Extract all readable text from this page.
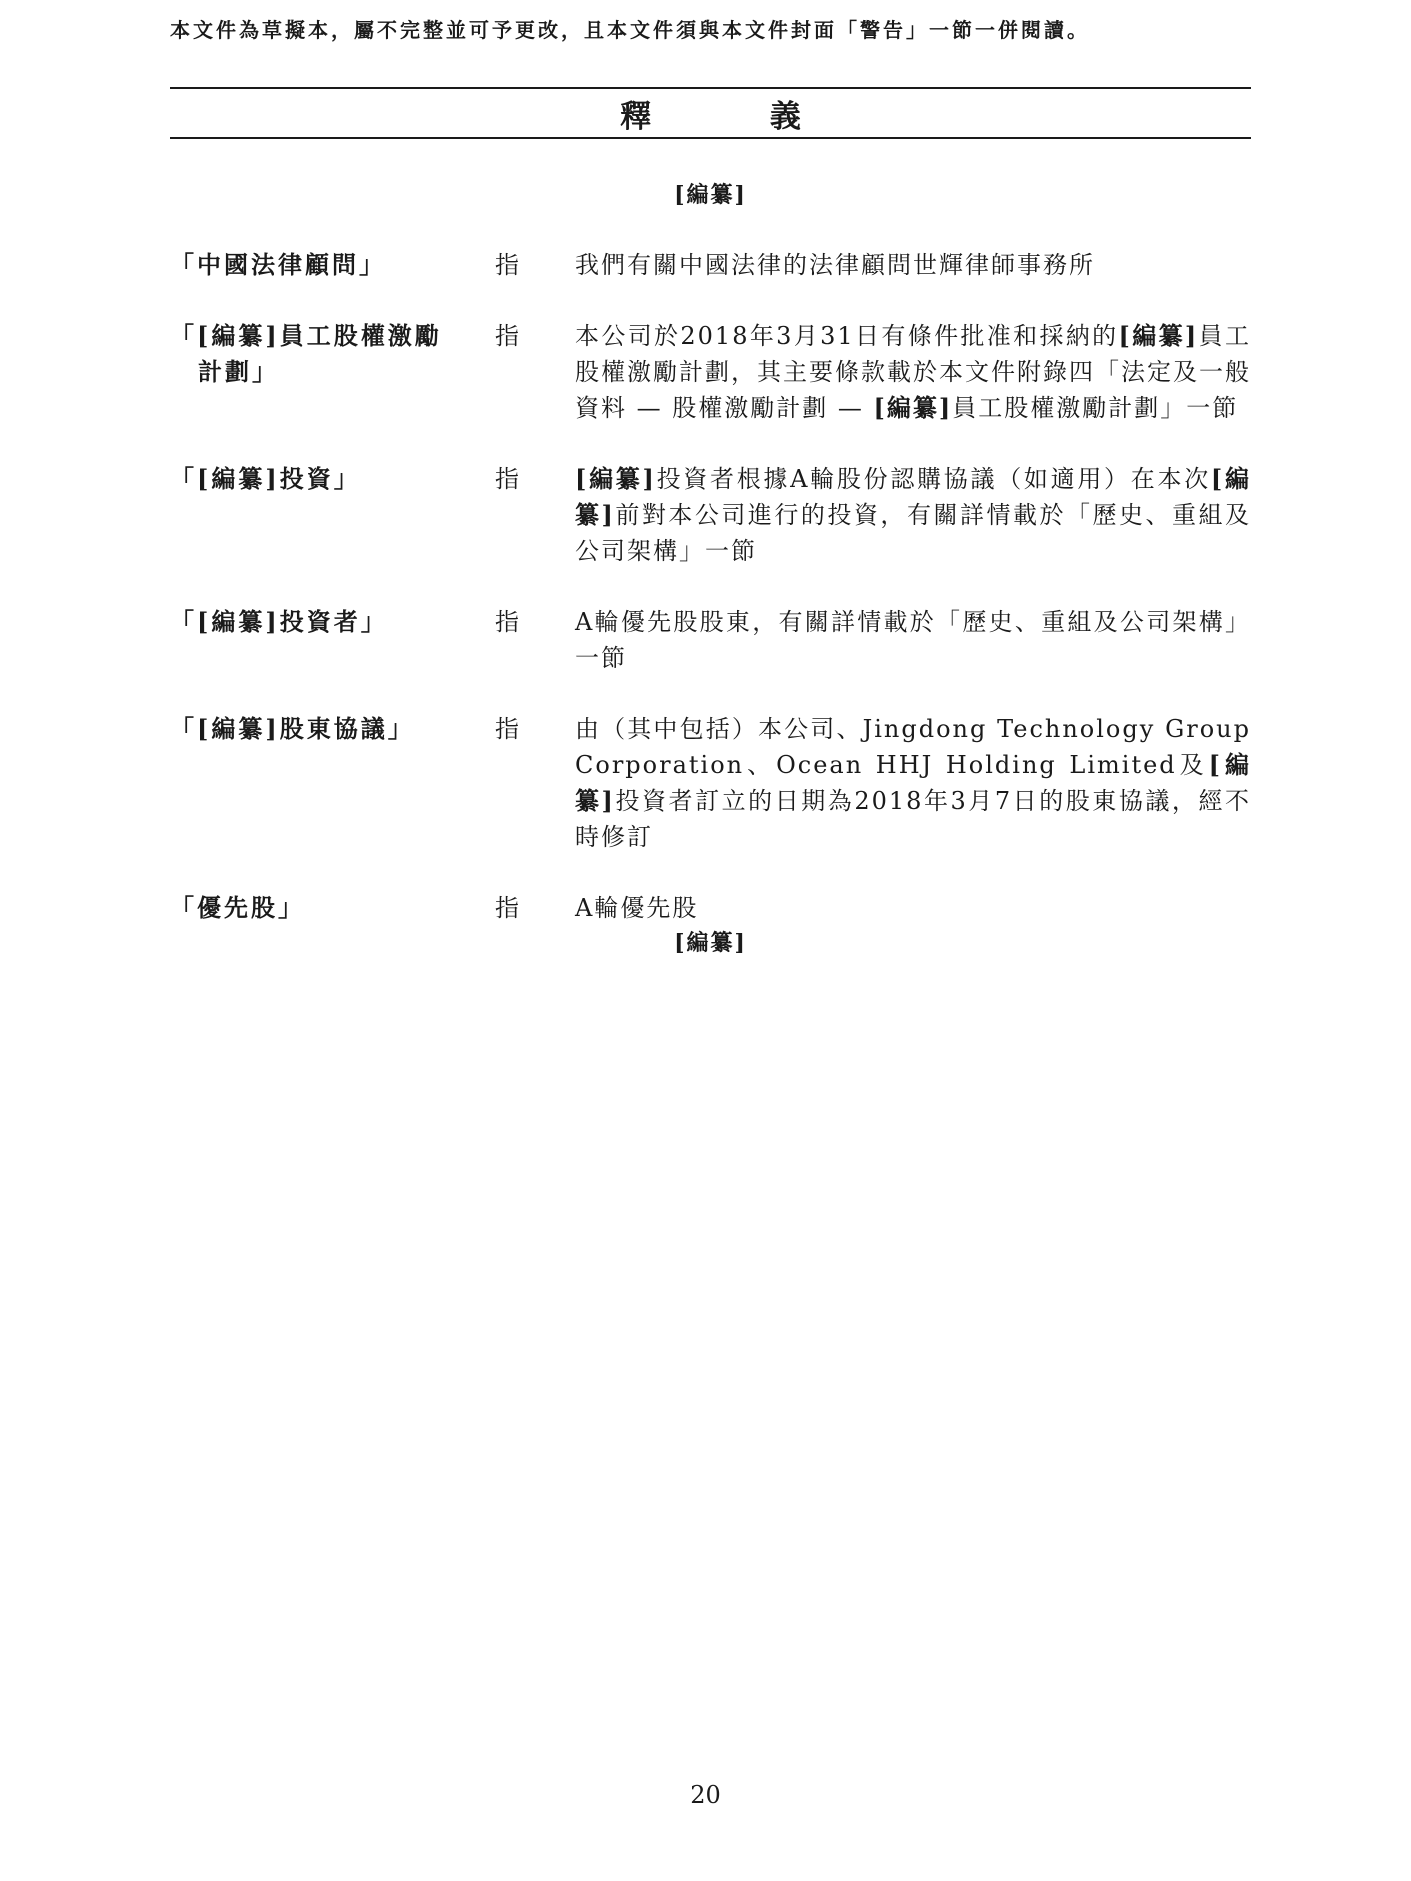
本文件為草擬本，屬不完整並可予更改，且本文件須與本文件封面「警告」一節一併閱讀。
釋 義
[編纂]
「中國法律顧問」	指	我們有關中國法律的法律顧問世輝律師事務所
「[編纂]員工股權激勵
計劃」
指	本公司於2018年3月31日有條件批准和採納的[編纂]員工股權激勵計劃，其主要條款載於本文件附錄四「法定及一般資料 — 股權激勵計劃 — [編纂]員工股權激勵計劃」一節
「[編纂]投資」	指	[編纂]投資者根據A輪股份認購協議（如適用）在本次[編纂]前對本公司進行的投資，有關詳情載於「歷史、重組及公司架構」一節
「[編纂]投資者」	指	A輪優先股股東，有關詳情載於「歷史、重組及公司架構」一節
「[編纂]股東協議」	指	由（其中包括）本公司、Jingdong Technology Group Corporation、Ocean HHJ Holding Limited及[編纂]投資者訂立的日期為2018年3月7日的股東協議，經不時修訂
「優先股」	指	A輪優先股
[編纂]
20
